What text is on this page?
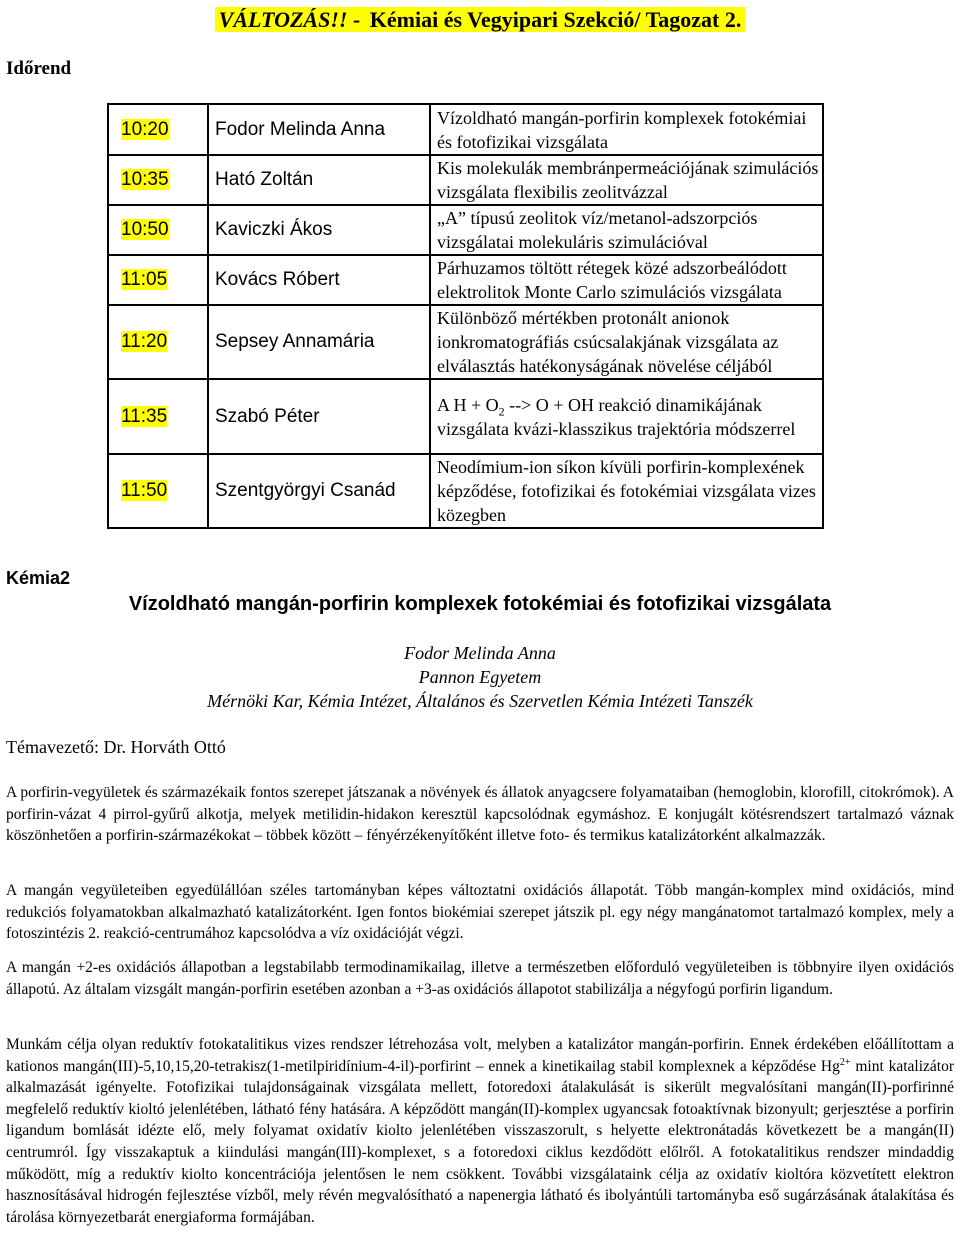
VÁLTOZÁS!! - Kémiai és Vegyipari Szekció/ Tagozat 2.
Időrend
10:20	Fodor Melinda Anna	Vízoldható mangán-porfirin komplexek fotokémiai és fotofizikai vizsgálata
10:35	Ható Zoltán	Kis molekulák membránpermeációjának szimulációs vizsgálata flexibilis zeolitvázzal
10:50	Kaviczki Ákos	„A” típusú zeolitok víz/metanol-adszorpciós vizsgálatai molekuláris szimulációval
11:05	Kovács Róbert	Párhuzamos töltött rétegek közé adszorbeálódott elektrolitok Monte Carlo szimulációs vizsgálata
11:20	Sepsey Annamária	Különböző mértékben protonált anionok ionkromatográfiás csúcsalakjának vizsgálata az elválasztás hatékonyságának növelése céljából
11:35	Szabó Péter	A $H + O_2$ --> O + OH reakció dinamikájának vizsgálata kvázi-klasszikus trajektória módszerrel
11:50	Szentgyörgyi Csanád	Neodímium-ion síkon kívüli porfirin-komplexének képződése, fotofizikai és fotokémiai vizsgálata vizes közegben
Kémia2
Vízoldható mangán-porfirin komplexek fotokémiai és fotofizikai vizsgálata
Fodor Melinda Anna
Pannon Egyetem
Mérnöki Kar, Kémia Intézet, Általános és Szervetlen Kémia Intézeti Tanszék
Témavezető: Dr. Horváth Ottó
A porfirin-vegyületek és származékaik fontos szerepet játszanak a növények és állatok anyagcsere folyamataiban (hemoglobin, klorofill, citokrómok). A porfirin-vázat 4 pirrol-gyűrű alkotja, melyek metilidin-hidakon keresztül kapcsolódnak egymáshoz. E konjugált kötésrendszert tartalmazó váznak köszönhetően a porfirin-származékokat – többek között – fényérzékenyítőként illetve foto- és termikus katalizátorként alkalmazzák.
A mangán vegyületeiben egyedülállóan széles tartományban képes változtatni oxidációs állapotát. Több mangán-komplex mind oxidációs, mind redukciós folyamatokban alkalmazható katalizátorként. Igen fontos biokémiai szerepet játszik pl. egy négy mangánatomot tartalmazó komplex, mely a fotoszintézis 2. reakció-centrumához kapcsolódva a víz oxidációját végzi.
A mangán +2-es oxidációs állapotban a legstabilabb termodinamikailag, illetve a természetben előforduló vegyületeiben is többnyire ilyen oxidációs állapotú. Az általam vizsgált mangán-porfirin esetében azonban a +3-as oxidációs állapotot stabilizálja a négyfogú porfirin ligandum.
Munkám célja olyan reduktív fotokatalitikus vizes rendszer létrehozása volt, melyben a katalizátor mangán-porfirin. Ennek érdekében előállítottam a kationos mangán(III)-5,10,15,20-tetrakisz(1-metilpiridínium-4-il)-porfirint – ennek a kinetikailag stabil komplexnek a képződése $Hg^{2+}$ mint katalizátor alkalmazását igényelte. Fotofizikai tulajdonságainak vizsgálata mellett, fotoredoxi átalakulását is sikerült megvalósítani mangán(II)-porfirinné megfelelő reduktív kioltó jelenlétében, látható fény hatására. A képződött mangán(II)-komplex ugyancsak fotoaktívnak bizonyult; gerjesztése a porfirin ligandum bomlását idézte elő, mely folyamat oxidatív kiolto jelenlétében visszaszorult, s helyette elektronátadás következett be a mangán(II) centrumról. Így visszakaptuk a kiindulási mangán(III)-komplexet, s a fotoredoxi ciklus kezdődött előlről. A fotokatalitikus rendszer mindaddig működött, míg a reduktív kiolto koncentrációja jelentősen le nem csökkent. További vizsgálataink célja az oxidatív kioltóra közvetített elektron hasznosításával hidrogén fejlesztése vízből, mely révén megvalósítható a napenergia látható és ibolyántúli tartományba eső sugárzásának átalakítása és tárolása környezetbarát energiaforma formájában.
